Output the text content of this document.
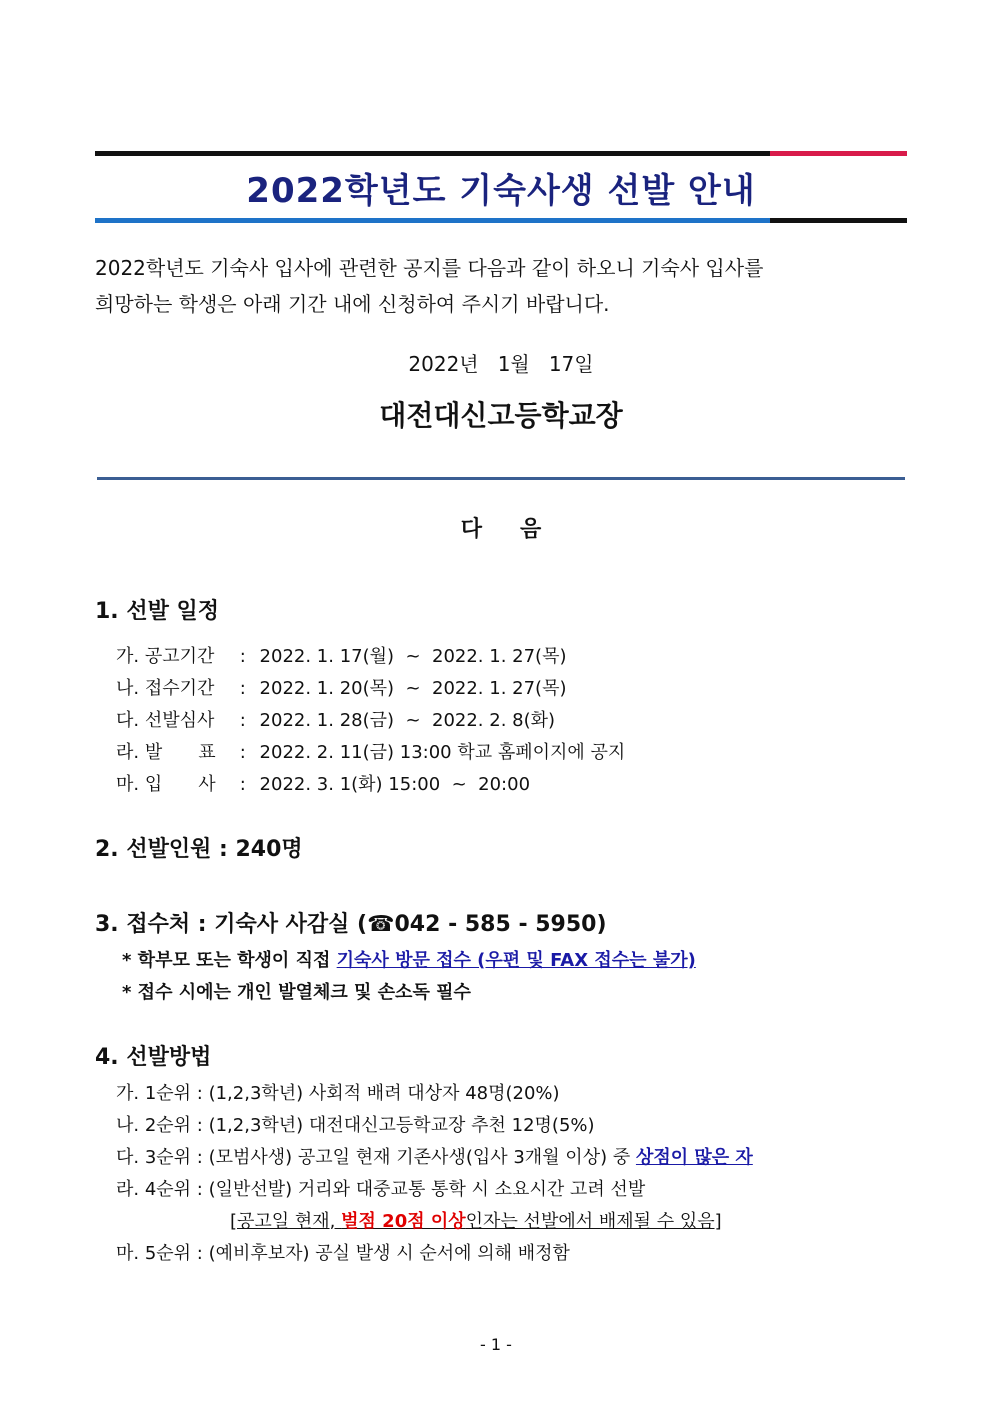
2022학년도 기숙사생 선발 안내
2022학년도 기숙사 입사에 관련한 공지를 다음과 같이 하오니 기숙사 입사를
희망하는 학생은 아래 기간 내에 신청하여 주시기 바랍니다.
2022년   1월   17일
대전대신고등학교장
다 음
1. 선발 일정
가. 공고기간 : 2022. 1. 17(월)  ~  2022. 1. 27(목)
나. 접수기간 : 2022. 1. 20(목)  ~  2022. 1. 27(목)
다. 선발심사 : 2022. 1. 28(금)  ~  2022. 2. 8(화)
라. 발 표 : 2022. 2. 11(금) 13:00 학교 홈페이지에 공지
마. 입 사 : 2022. 3. 1(화) 15:00  ~  20:00
2. 선발인원 : 240명
3. 접수처 : 기숙사 사감실 (☎042 - 585 - 5950)
* 학부모 또는 학생이 직접 기숙사 방문 접수 (우편 및 FAX 접수는 불가)
* 접수 시에는 개인 발열체크 및 손소독 필수
4. 선발방법
가. 1순위 : (1,2,3학년) 사회적 배려 대상자 48명(20%)
나. 2순위 : (1,2,3학년) 대전대신고등학교장 추천 12명(5%)
다. 3순위 : (모범사생) 공고일 현재 기존사생(입사 3개월 이상) 중 상점이 많은 자
라. 4순위 : (일반선발) 거리와 대중교통 통학 시 소요시간 고려 선발
[공고일 현재, 벌점 20점 이상인자는 선발에서 배제될 수 있음]
마. 5순위 : (예비후보자) 공실 발생 시 순서에 의해 배정함
- 1 -
